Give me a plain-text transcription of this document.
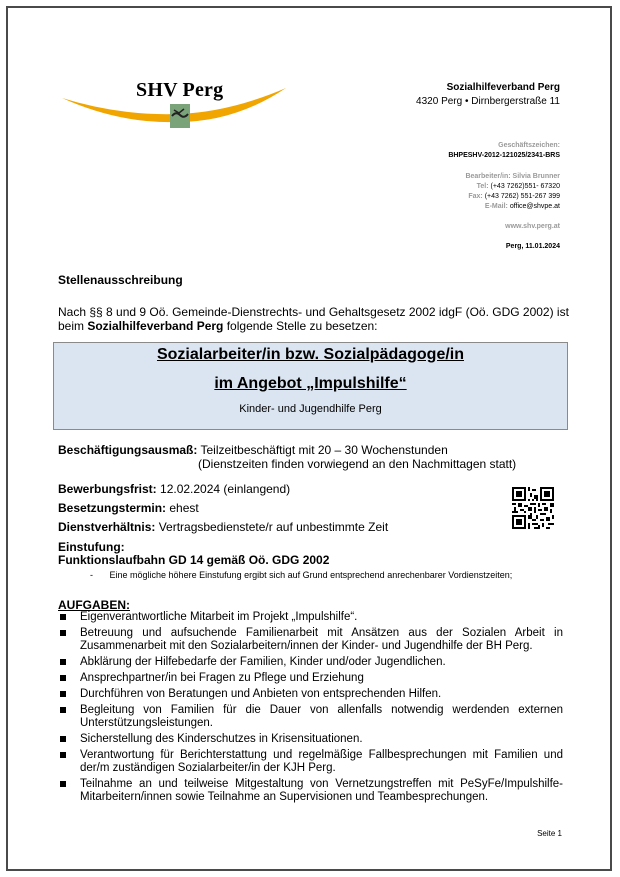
SHV Perg	Sozialhilfeverband Perg
4320 Perg • Dirnbergerstraße 11
Geschäftszeichen:
BHPESHV-2012-121025/2341-BRS
Bearbeiter/in: Silvia Brunner
Tel: (+43 7262)551- 67320
Fax: (+43 7262) 551-267 399
E-Mail: office@shvpe.at
www.shv.perg.at
Perg, 11.01.2024
Stellenausschreibung
Nach §§ 8 und 9 Oö. Gemeinde-Dienstrechts- und Gehaltsgesetz 2002 idgF (Oö. GDG 2002) ist
beim Sozialhilfeverband Perg folgende Stelle zu besetzen:
Sozialarbeiter/in bzw. Sozialpädagoge/in
im Angebot „Impulshilfe“
Kinder- und Jugendhilfe Perg
Beschäftigungsausmaß: Teilzeitbeschäftigt mit 20 – 30 Wochenstunden
(Dienstzeiten finden vorwiegend an den Nachmittagen statt)
Bewerbungsfrist: 12.02.2024 (einlangend)
Besetzungstermin: ehest
Dienstverhältnis: Vertragsbedienstete/r auf unbestimmte Zeit
Einstufung:
Funktionslaufbahn GD 14 gemäß Oö. GDG 2002
- Eine mögliche höhere Einstufung ergibt sich auf Grund entsprechend anrechenbarer Vordienstzeiten;
AUFGABEN:
Eigenverantwortliche Mitarbeit im Projekt „Impulshilfe“.
Betreuung und aufsuchende Familienarbeit mit Ansätzen aus der Sozialen Arbeit in Zusammenarbeit mit den Sozialarbeitern/innen der Kinder- und Jugendhilfe der BH Perg.
Abklärung der Hilfebedarfe der Familien, Kinder und/oder Jugendlichen.
Ansprechpartner/in bei Fragen zu Pflege und Erziehung
Durchführen von Beratungen und Anbieten von entsprechenden Hilfen.
Begleitung von Familien für die Dauer von allenfalls notwendig werdenden externen Unterstützungsleistungen.
Sicherstellung des Kinderschutzes in Krisensituationen.
Verantwortung für Berichterstattung und regelmäßige Fallbesprechungen mit Familien und der/m zuständigen Sozialarbeiter/in der KJH Perg.
Teilnahme an und teilweise Mitgestaltung von Vernetzungstreffen mit PeSyFe/Impulshilfe-Mitarbeitern/innen sowie Teilnahme an Supervisionen und Teambesprechungen.
Seite 1
